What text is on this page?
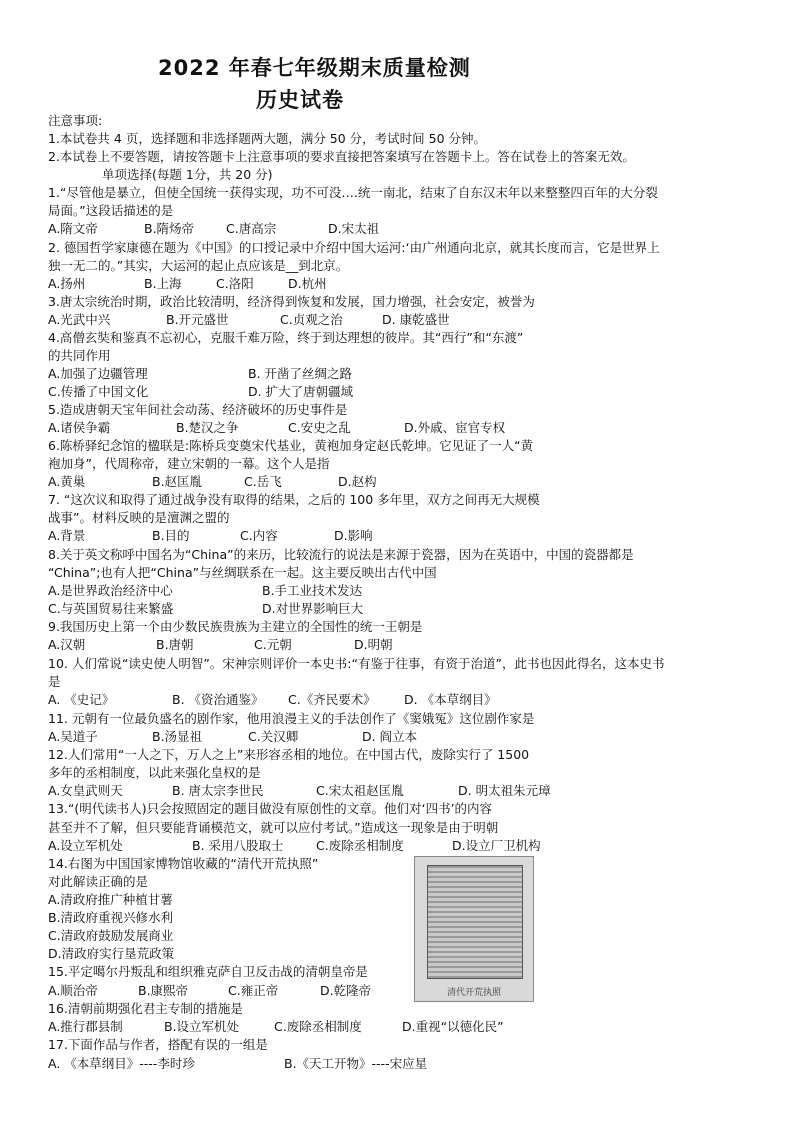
2022 年春七年级期末质量检测
历史试卷
注意事项:
1.本试卷共 4 页，选择题和非选择题两大题，满分 50 分，考试时间 50 分钟。
2.本试卷上不要答题，请按答题卡上注意事项的要求直接把答案填写在答题卡上。答在试卷上的答案无效。
单项选择(每题 1分，共 20 分)
1.“尽管他是暴立，但使全国统一获得实现，功不可没….统一南北，结束了自东汉末年以来整整四百年的大分裂
局面。”这段话描述的是
A.隋文帝	B.隋炀帝	C.唐高宗	D.宋太祖
2. 德国哲学家康德在题为《中国》的口授记录中介绍中国大运河:‘由广州通向北京，就其长度而言，它是世界上
独一无二的。”其实，大运河的起止点应该是__到北京。
A.扬州	B.上海	C.洛阳	D.杭州
3.唐太宗统治时期，政治比较清明，经济得到恢复和发展，国力增强，社会安定，被誉为
A.光武中兴	B.开元盛世	C.贞观之治	D. 康乾盛世
4.高僧玄奘和鉴真不忘初心，克服千难万险，终于到达理想的彼岸。其“西行”和“东渡”
的共同作用
A.加强了边疆管理	B. 开凿了丝绸之路
C.传播了中国文化	D. 扩大了唐朝疆域
5.造成唐朝天宝年间社会动荡、经济破坏的历史事件是
A.诸侯争霸	B.楚汉之争	C.安史之乱	D.外戚、宦官专权
6.陈桥驿纪念馆的楹联是:陈桥兵变奠宋代基业，黄袍加身定赵氏乾坤。它见证了一人“黄
袍加身”，代周称帝，建立宋朝的一幕。这个人是指
A.黄巢	B.赵匡胤	C.岳飞	D.赵构
7. “这次议和取得了通过战争没有取得的结果，之后的 100 多年里，双方之间再无大规模
战事”。材料反映的是澶渊之盟的
A.背景	B.目的	C.内容	D.影响
8.关于英文称呼中国名为“China”的来历，比较流行的说法是来源于瓷器，因为在英语中，中国的瓷器都是
“China”;也有人把“China”与丝绸联系在一起。这主要反映出古代中国
A.是世界政治经济中心	B.手工业技术发达
C.与英国贸易往来繁盛	D.对世界影响巨大
9.我国历史上第一个由少数民族贵族为主建立的全国性的统一王朝是
A.汉朝	B.唐朝	C.元朝	D.明朝
10. 人们常说“读史使人明智”。宋神宗则评价一本史书:“有鉴于往事，有资于治道”，此书也因此得名，这本史书
是
A. 《史记》	B. 《资治通鉴》 C.《齐民要术》 D. 《本草纲目》
11. 元朝有一位最负盛名的剧作家，他用浪漫主义的手法创作了《窦娥冤》这位剧作家是
A.吴道子	B.汤显祖	C.关汉卿	D. 阎立本
12.人们常用“一人之下，万人之上”来形容丞相的地位。在中国古代，废除实行了 1500
多年的丞相制度，以此来强化皇权的是
A.女皇武则天	B. 唐太宗李世民	C.宋太祖赵匡胤	D. 明太祖朱元璋
13.“(明代读书人)只会按照固定的题目做没有原创性的文章。他们对‘四书’的内容
甚至并不了解，但只要能背诵模范文，就可以应付考试。”造成这一现象是由于明朝
A.设立军机处	B. 采用八股取士	C.废除丞相制度	D.设立厂卫机构
14.右图为中国国家博物馆收藏的“清代开荒执照”
对此解读正确的是
A.清政府推广种植甘薯
B.清政府重视兴修水利
C.清政府鼓励发展商业
D.清政府实行垦荒政策
清代开荒执照
15.平定噶尔丹叛乱和组织雅克萨自卫反击战的清朝皇帝是
A.顺治帝	B.康熙帝	C.雍正帝	D.乾隆帝
16.清朝前期强化君主专制的措施是
A.推行郡县制	B.设立军机处	C.废除丞相制度	D.重视“以德化民”
17.下面作品与作者，搭配有误的一组是
A. 《本草纲目》----李时珍	B.《天工开物》----宋应星
